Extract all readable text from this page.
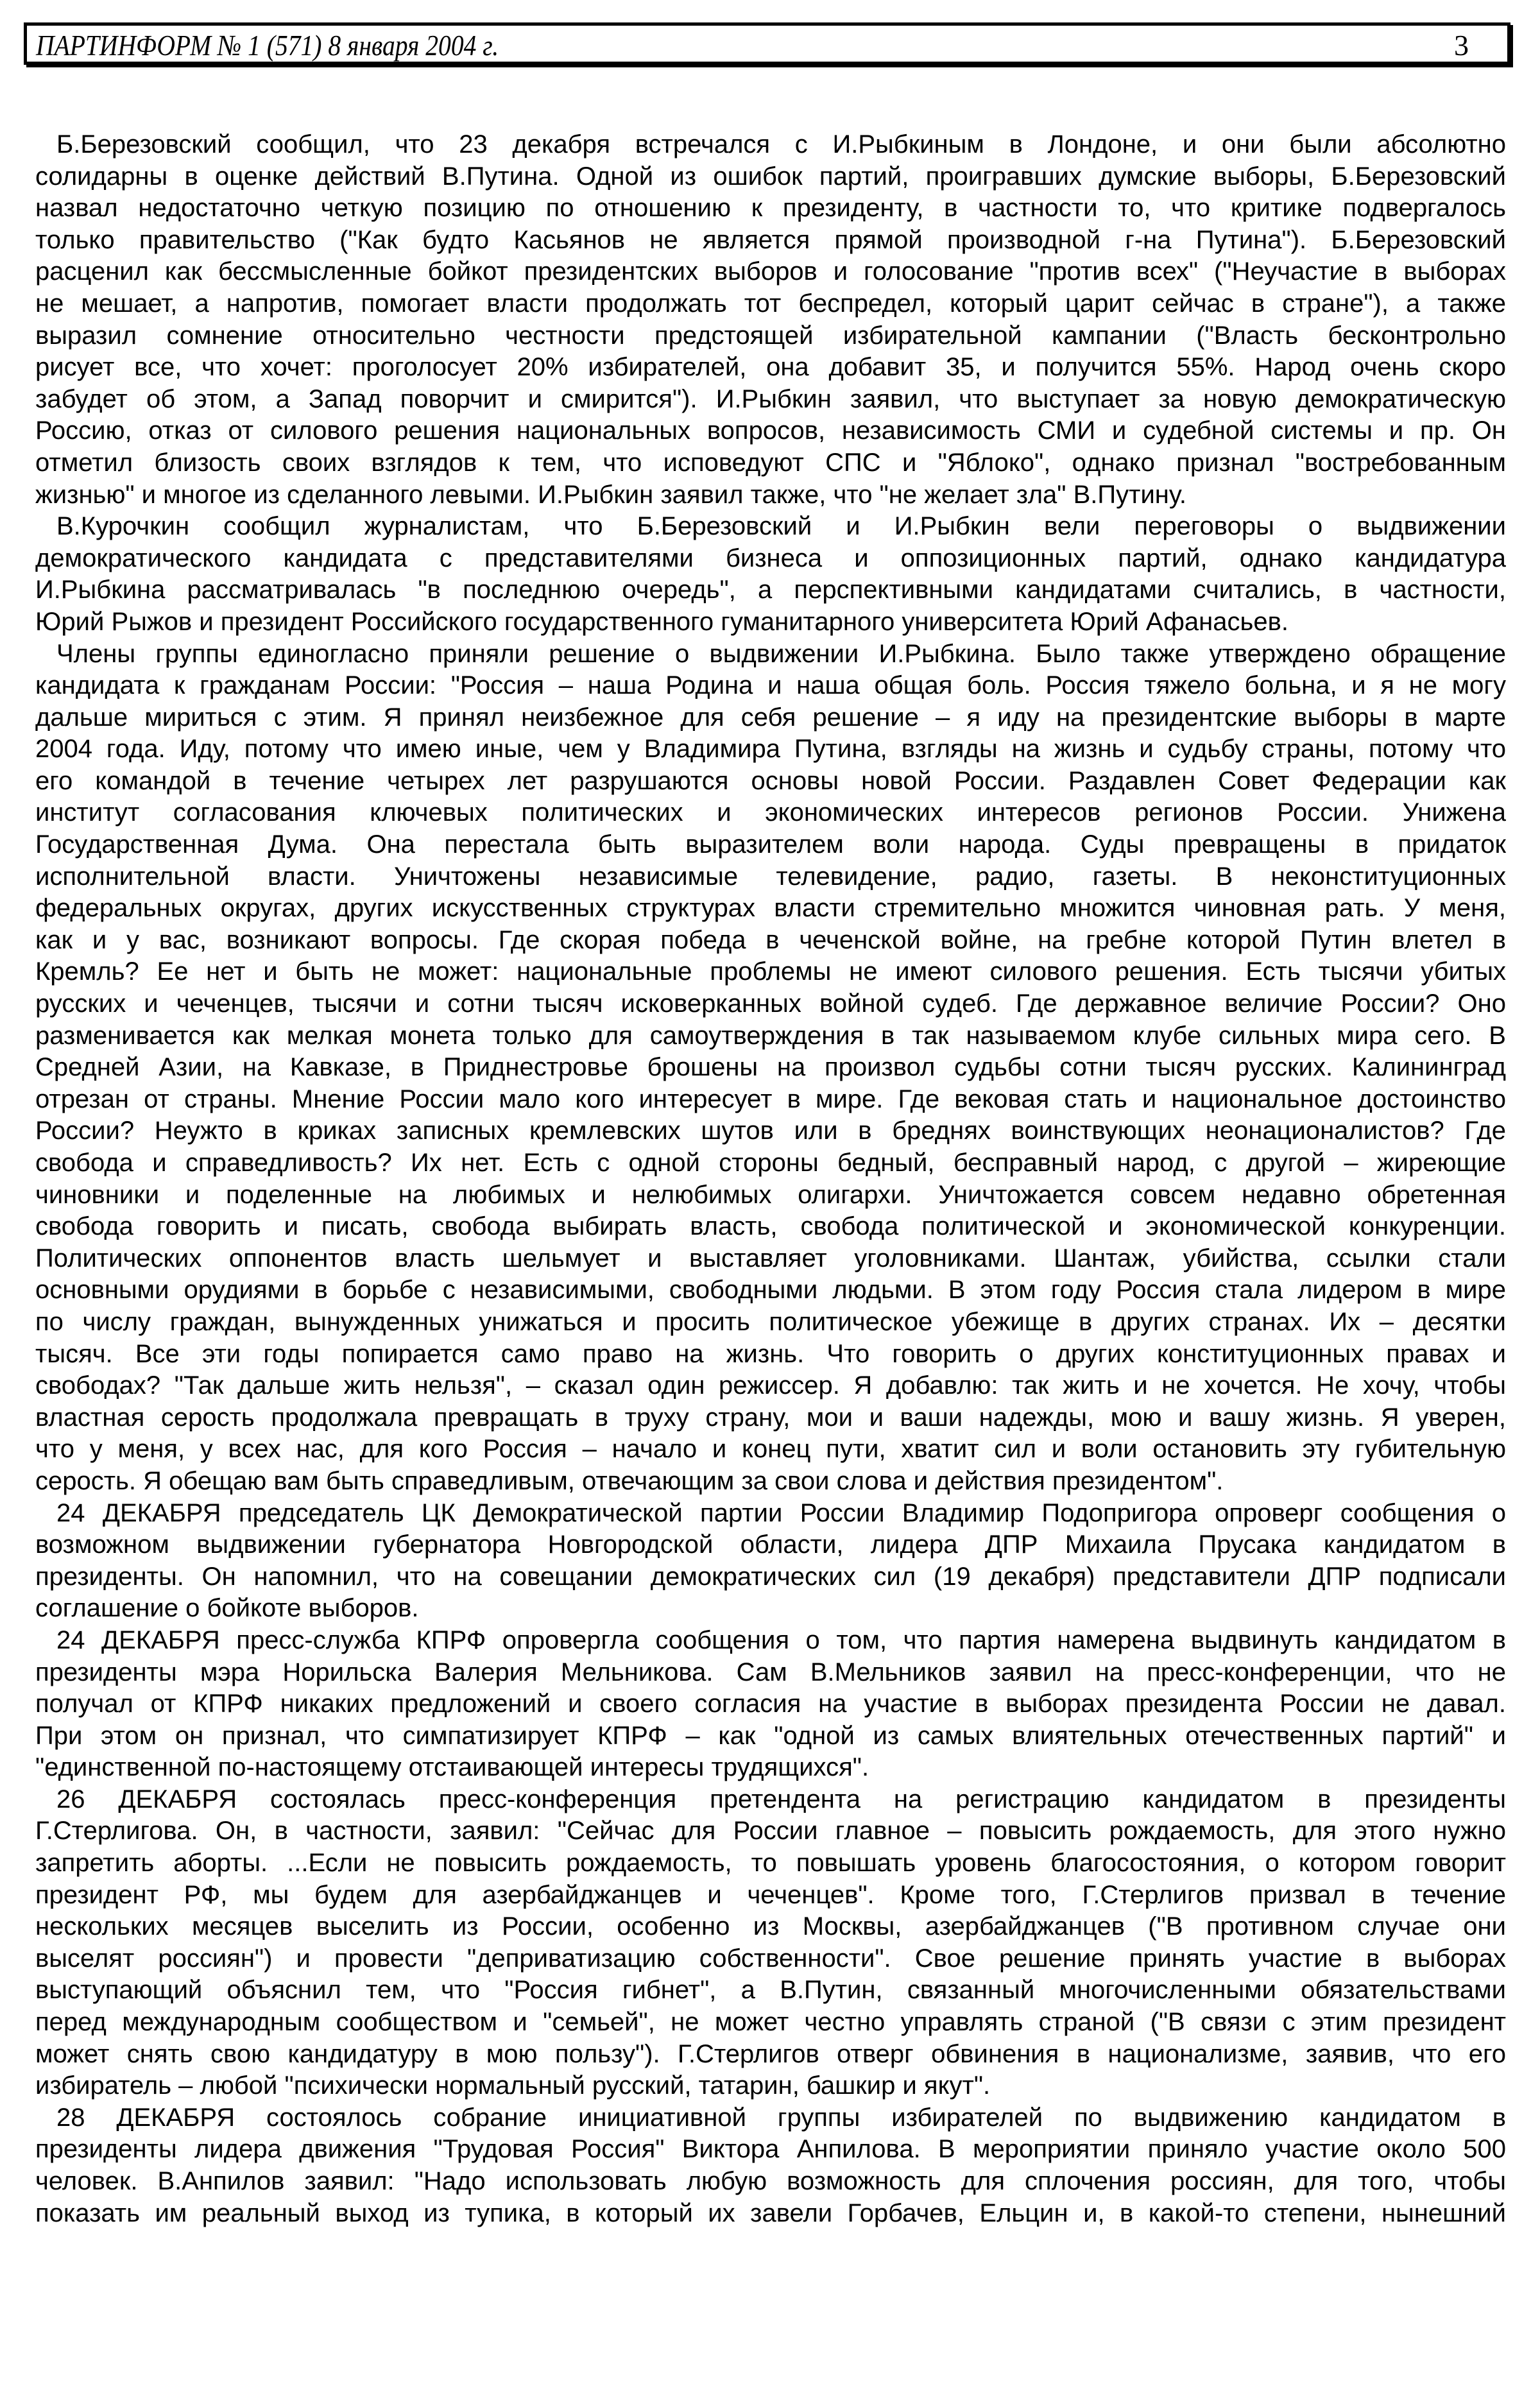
ПАРТИНФОРМ № 1 (571) 8 января 2004 г.	3
Б.Березовский сообщил, что 23 декабря встречался с И.Рыбкиным в Лондоне, и они были абсолютно
солидарны в оценке действий В.Путина. Одной из ошибок партий, проигравших думские выборы, Б.Березовский
назвал недостаточно четкую позицию по отношению к президенту, в частности то, что критике подвергалось
только правительство ("Как будто Касьянов не является прямой производной г-на Путина"). Б.Березовский
расценил как бессмысленные бойкот президентских выборов и голосование "против всех" ("Неучастие в выборах
не мешает, а напротив, помогает власти продолжать тот беспредел, который царит сейчас в стране"), а также
выразил сомнение относительно честности предстоящей избирательной кампании ("Власть бесконтрольно
рисует все, что хочет: проголосует 20% избирателей, она добавит 35, и получится 55%. Народ очень скоро
забудет об этом, а Запад поворчит и смирится"). И.Рыбкин заявил, что выступает за новую демократическую
Россию, отказ от силового решения национальных вопросов, независимость СМИ и судебной системы и пр. Он
отметил близость своих взглядов к тем, что исповедуют СПС и "Яблоко", однако признал "востребованным
жизнью" и многое из сделанного левыми. И.Рыбкин заявил также, что "не желает зла" В.Путину.
В.Курочкин сообщил журналистам, что Б.Березовский и И.Рыбкин вели переговоры о выдвижении
демократического кандидата с представителями бизнеса и оппозиционных партий, однако кандидатура
И.Рыбкина рассматривалась "в последнюю очередь", а перспективными кандидатами считались, в частности,
Юрий Рыжов и президент Российского государственного гуманитарного университета Юрий Афанасьев.
Члены группы единогласно приняли решение о выдвижении И.Рыбкина. Было также утверждено обращение
кандидата к гражданам России: "Россия – наша Родина и наша общая боль. Россия тяжело больна, и я не могу
дальше мириться с этим. Я принял неизбежное для себя решение – я иду на президентские выборы в марте
2004 года. Иду, потому что имею иные, чем у Владимира Путина, взгляды на жизнь и судьбу страны, потому что
его командой в течение четырех лет разрушаются основы новой России. Раздавлен Совет Федерации как
институт согласования ключевых политических и экономических интересов регионов России. Унижена
Государственная Дума. Она перестала быть выразителем воли народа. Суды превращены в придаток
исполнительной власти. Уничтожены независимые телевидение, радио, газеты. В неконституционных
федеральных округах, других искусственных структурах власти стремительно множится чиновная рать. У меня,
как и у вас, возникают вопросы. Где скорая победа в чеченской войне, на гребне которой Путин влетел в
Кремль? Ее нет и быть не может: национальные проблемы не имеют силового решения. Есть тысячи убитых
русских и чеченцев, тысячи и сотни тысяч исковерканных войной судеб. Где державное величие России? Оно
разменивается как мелкая монета только для самоутверждения в так называемом клубе сильных мира сего. В
Средней Азии, на Кавказе, в Приднестровье брошены на произвол судьбы сотни тысяч русских. Калининград
отрезан от страны. Мнение России мало кого интересует в мире. Где вековая стать и национальное достоинство
России? Неужто в криках записных кремлевских шутов или в бреднях воинствующих неонационалистов? Где
свобода и справедливость? Их нет. Есть с одной стороны бедный, бесправный народ, с другой – жиреющие
чиновники и поделенные на любимых и нелюбимых олигархи. Уничтожается совсем недавно обретенная
свобода говорить и писать, свобода выбирать власть, свобода политической и экономической конкуренции.
Политических оппонентов власть шельмует и выставляет уголовниками. Шантаж, убийства, ссылки стали
основными орудиями в борьбе с независимыми, свободными людьми. В этом году Россия стала лидером в мире
по числу граждан, вынужденных унижаться и просить политическое убежище в других странах. Их – десятки
тысяч. Все эти годы попирается само право на жизнь. Что говорить о других конституционных правах и
свободах? "Так дальше жить нельзя", – сказал один режиссер. Я добавлю: так жить и не хочется. Не хочу, чтобы
властная серость продолжала превращать в труху страну, мои и ваши надежды, мою и вашу жизнь. Я уверен,
что у меня, у всех нас, для кого Россия – начало и конец пути, хватит сил и воли остановить эту губительную
серость. Я обещаю вам быть справедливым, отвечающим за свои слова и действия президентом".
24 ДЕКАБРЯ председатель ЦК Демократической партии России Владимир Подопригора опроверг сообщения о
возможном выдвижении губернатора Новгородской области, лидера ДПР Михаила Прусака кандидатом в
президенты. Он напомнил, что на совещании демократических сил (19 декабря) представители ДПР подписали
соглашение о бойкоте выборов.
24 ДЕКАБРЯ пресс-служба КПРФ опровергла сообщения о том, что партия намерена выдвинуть кандидатом в
президенты мэра Норильска Валерия Мельникова. Сам В.Мельников заявил на пресс-конференции, что не
получал от КПРФ никаких предложений и своего согласия на участие в выборах президента России не давал.
При этом он признал, что симпатизирует КПРФ – как "одной из самых влиятельных отечественных партий" и
"единственной по-настоящему отстаивающей интересы трудящихся".
26 ДЕКАБРЯ состоялась пресс-конференция претендента на регистрацию кандидатом в президенты
Г.Стерлигова. Он, в частности, заявил: "Сейчас для России главное – повысить рождаемость, для этого нужно
запретить аборты. ...Если не повысить рождаемость, то повышать уровень благосостояния, о котором говорит
президент РФ, мы будем для азербайджанцев и чеченцев". Кроме того, Г.Стерлигов призвал в течение
нескольких месяцев выселить из России, особенно из Москвы, азербайджанцев ("В противном случае они
выселят россиян") и провести "деприватизацию собственности". Свое решение принять участие в выборах
выступающий объяснил тем, что "Россия гибнет", а В.Путин, связанный многочисленными обязательствами
перед международным сообществом и "семьей", не может честно управлять страной ("В связи с этим президент
может снять свою кандидатуру в мою пользу"). Г.Стерлигов отверг обвинения в национализме, заявив, что его
избиратель – любой "психически нормальный русский, татарин, башкир и якут".
28 ДЕКАБРЯ состоялось собрание инициативной группы избирателей по выдвижению кандидатом в
президенты лидера движения "Трудовая Россия" Виктора Анпилова. В мероприятии приняло участие около 500
человек. В.Анпилов заявил: "Надо использовать любую возможность для сплочения россиян, для того, чтобы
показать им реальный выход из тупика, в который их завели Горбачев, Ельцин и, в какой-то степени, нынешний
